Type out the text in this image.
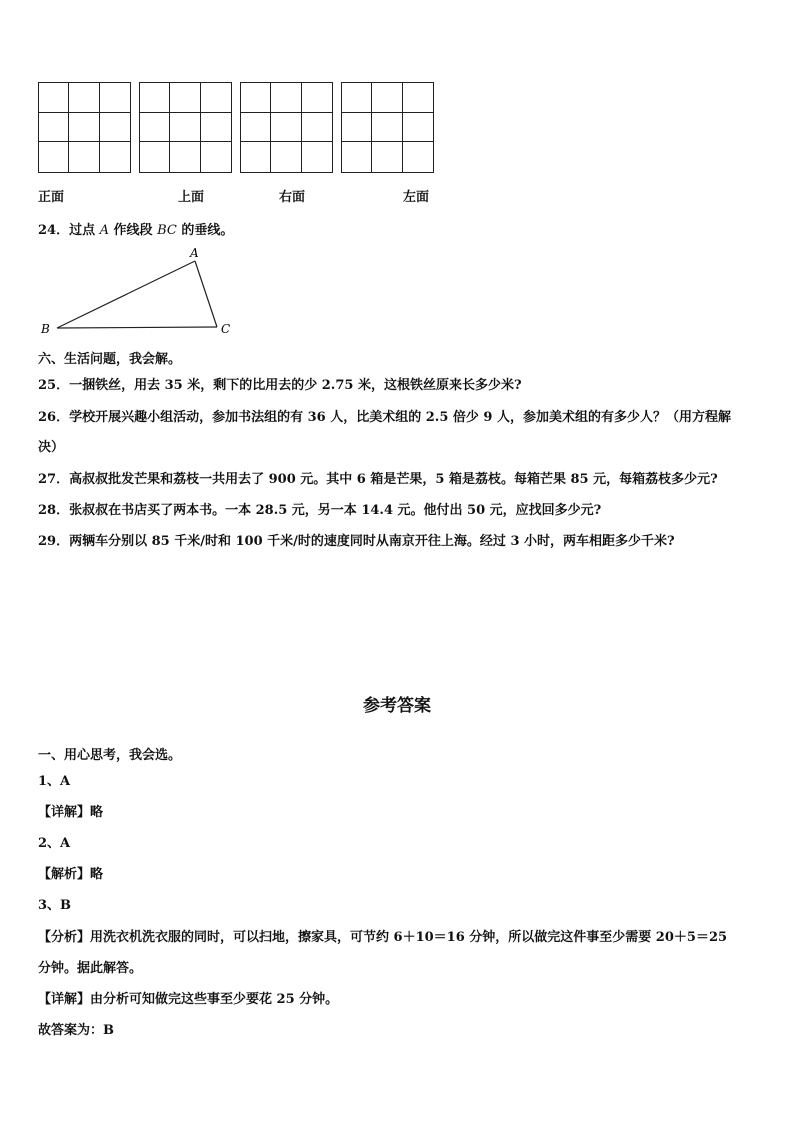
正面	上面	右面	左面
24．过点 A 作线段 BC 的垂线。
A
B	C
六、生活问题，我会解。
25．一捆铁丝，用去 35 米，剩下的比用去的少 2.75 米，这根铁丝原来长多少米?
26．学校开展兴趣小组活动，参加书法组的有 36 人，比美术组的 2.5 倍少 9 人，参加美术组的有多少人？（用方程解
决）
27．高叔叔批发芒果和荔枝一共用去了 900 元。其中 6 箱是芒果，5 箱是荔枝。每箱芒果 85 元，每箱荔枝多少元?
28．张叔叔在书店买了两本书。一本 28.5 元，另一本 14.4 元。他付出 50 元，应找回多少元?
29．两辆车分别以 85 千米/时和 100 千米/时的速度同时从南京开往上海。经过 3 小时，两车相距多少千米?
参考答案
一、用心思考，我会选。
1、A
【详解】略
2、A
【解析】略
3、B
【分析】用洗衣机洗衣服的同时，可以扫地，擦家具，可节约 6＋10＝16 分钟，所以做完这件事至少需要 20＋5＝25
分钟。据此解答。
【详解】由分析可知做完这些事至少要花 25 分钟。
故答案为：B
